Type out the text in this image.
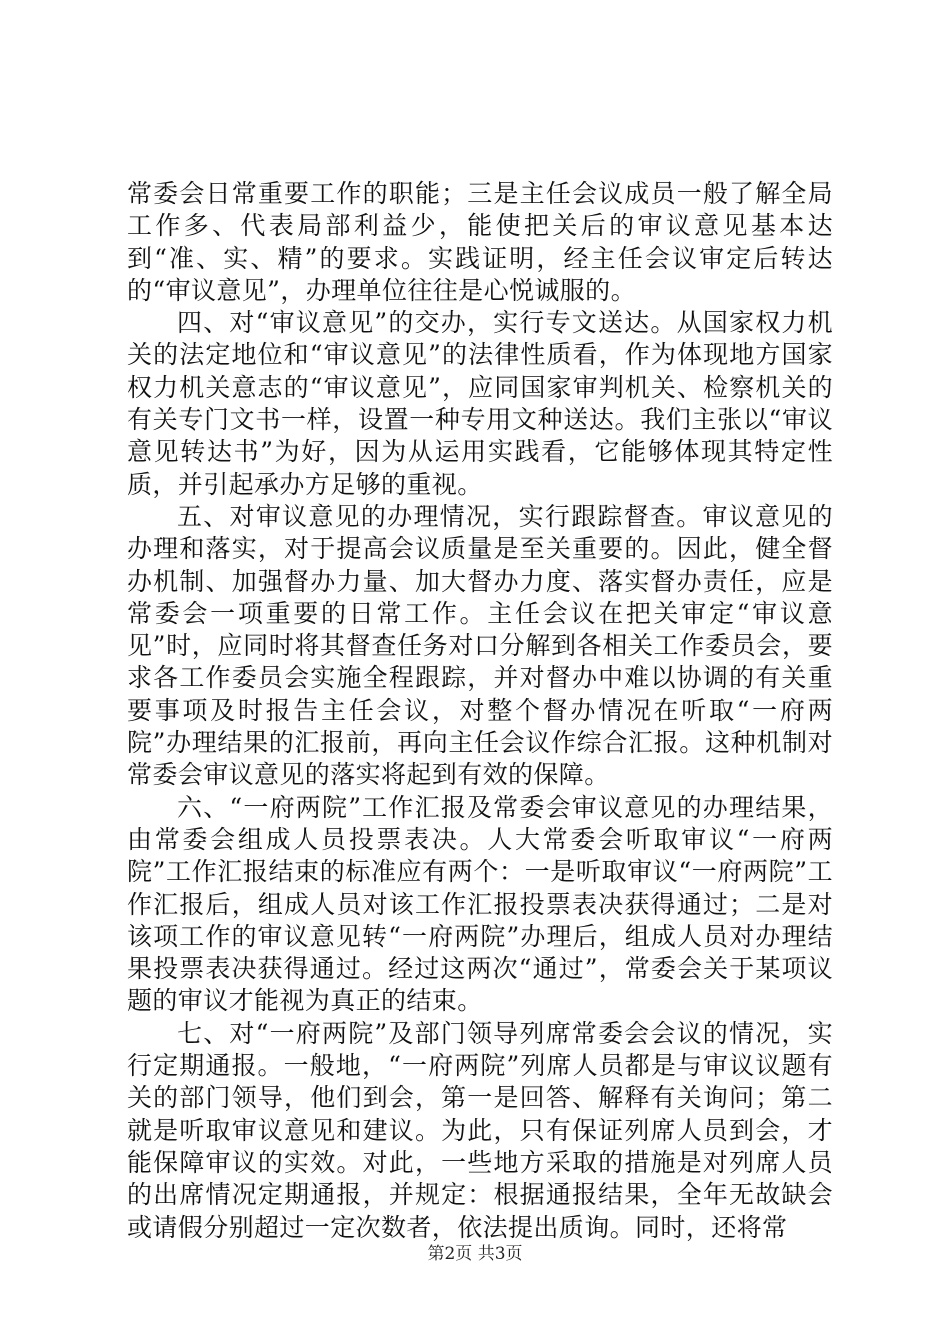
常委会日常重要工作的职能；三是主任会议成员一般了解全局工作多、代表局部利益少，能使把关后的审议意见基本达到“准、实、精”的要求。实践证明，经主任会议审定后转达的“审议意见”，办理单位往往是心悦诚服的。

四、对“审议意见”的交办，实行专文送达。从国家权力机关的法定地位和“审议意见”的法律性质看，作为体现地方国家权力机关意志的“审议意见”，应同国家审判机关、检察机关的有关专门文书一样，设置一种专用文种送达。我们主张以“审议意见转达书”为好，因为从运用实践看，它能够体现其特定性质，并引起承办方足够的重视。

五、对审议意见的办理情况，实行跟踪督查。审议意见的办理和落实，对于提高会议质量是至关重要的。因此，健全督办机制、加强督办力量、加大督办力度、落实督办责任，应是常委会一项重要的日常工作。主任会议在把关审定“审议意见”时，应同时将其督查任务对口分解到各相关工作委员会，要求各工作委员会实施全程跟踪，并对督办中难以协调的有关重要事项及时报告主任会议，对整个督办情况在听取“一府两院”办理结果的汇报前，再向主任会议作综合汇报。这种机制对常委会审议意见的落实将起到有效的保障。

六、“一府两院”工作汇报及常委会审议意见的办理结果，由常委会组成人员投票表决。人大常委会听取审议“一府两院”工作汇报结束的标准应有两个：一是听取审议“一府两院”工作汇报后，组成人员对该工作汇报投票表决获得通过；二是对该项工作的审议意见转“一府两院”办理后，组成人员对办理结果投票表决获得通过。经过这两次“通过”，常委会关于某项议题的审议才能视为真正的结束。

七、对“一府两院”及部门领导列席常委会会议的情况，实行定期通报。一般地，“一府两院”列席人员都是与审议议题有关的部门领导，他们到会，第一是回答、解释有关询问；第二就是听取审议意见和建议。为此，只有保证列席人员到会，才能保障审议的实效。对此，一些地方采取的措施是对列席人员的出席情况定期通报，并规定：根据通报结果，全年无故缺会或请假分别超过一定次数者，依法提出质询。同时，还将常

第2页 共3页
